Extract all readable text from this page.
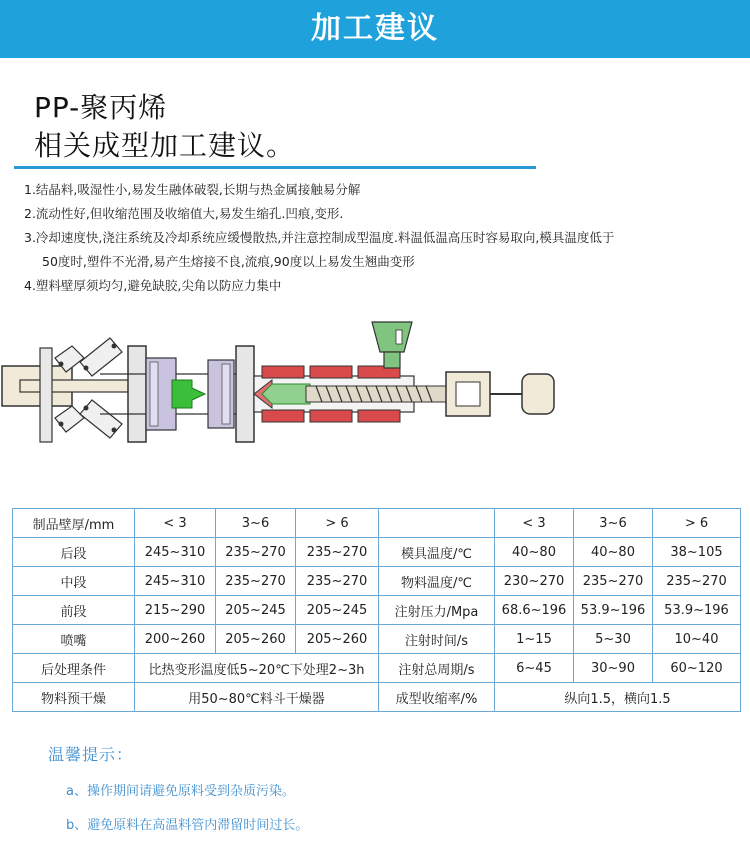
加工建议
PP-聚丙烯
相关成型加工建议。
1.结晶料,吸湿性小,易发生融体破裂,长期与热金属接触易分解
2.流动性好,但收缩范围及收缩值大,易发生缩孔.凹痕,变形.
3.冷却速度快,浇注系统及冷却系统应缓慢散热,并注意控制成型温度.料温低温高压时容易取向,模具温度低于
50度时,塑件不光滑,易产生熔接不良,流痕,90度以上易发生翘曲变形
4.塑料壁厚须均匀,避免缺胶,尖角以防应力集中
制品壁厚/mm	< 3	3~6	> 6		< 3	3~6	> 6
后段	245~310	235~270	235~270	模具温度/℃	40~80	40~80	38~105
中段	245~310	235~270	235~270	物料温度/℃	230~270	235~270	235~270
前段	215~290	205~245	205~245	注射压力/Mpa	68.6~196	53.9~196	53.9~196
喷嘴	200~260	205~260	205~260	注射时间/s	1~15	5~30	10~40
后处理条件	比热变形温度低5~20℃下处理2~3h			注射总周期/s	6~45	30~90	60~120
物料预干燥	用50~80℃料斗干燥器			成型收缩率/%	纵向1.5，横向1.5		
温馨提示：
a、操作期间请避免原料受到杂质污染。
b、避免原料在高温料管内滞留时间过长。
